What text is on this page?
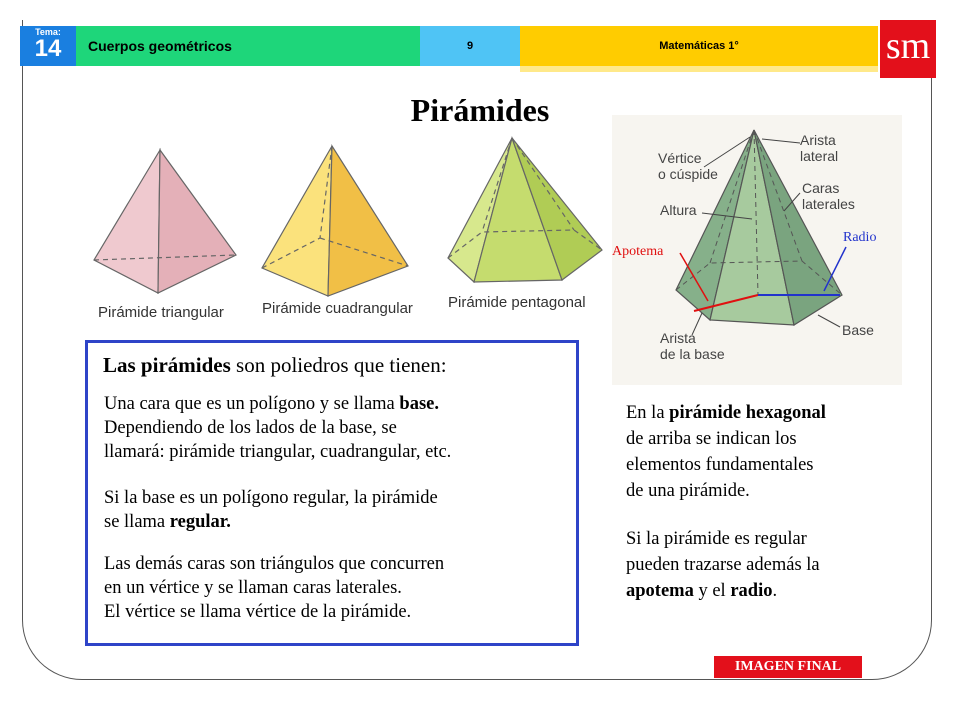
Tema:
14	Cuerpos geométricos	9	Matemáticas 1°	sm
Pirámides
Pirámide triangular	Pirámide cuadrangular Pirámide pentagonal
Vértice
o cúspide
Arista
lateral
Caras
laterales
Altura
Apotema
Radio
Base
Arista
de la base
Las pirámides son poliedros que tienen:
Una cara que es un polígono y se llama base.
Dependiendo de los lados de la base, se
llamará: pirámide triangular, cuadrangular, etc.
Si la base es un polígono regular, la pirámide
se llama regular.
Las demás caras son triángulos que concurren
en un vértice y se llaman caras laterales.
El vértice se llama vértice de la pirámide.
En la pirámide hexagonal
de arriba se indican los
elementos fundamentales
de una pirámide.
Si la pirámide es regular
pueden trazarse además la
apotema y el radio.
IMAGEN FINAL
